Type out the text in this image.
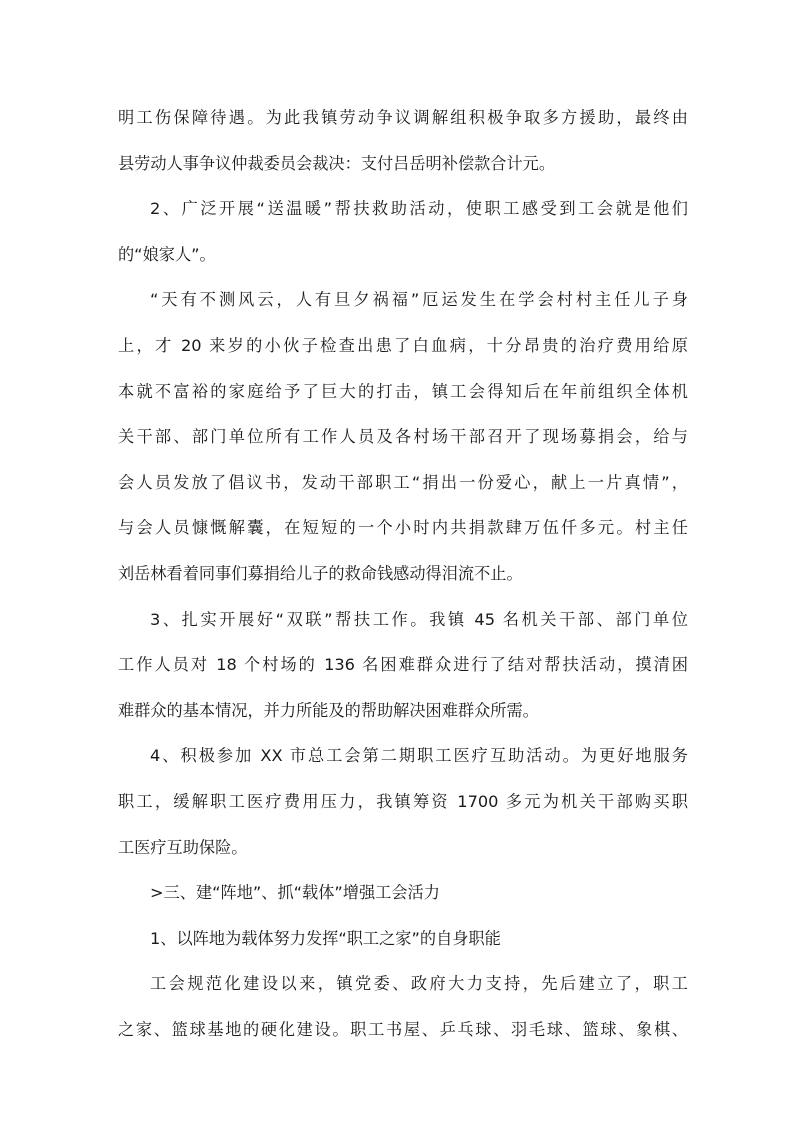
明工伤保障待遇。为此我镇劳动争议调解组积极争取多方援助，最终由
县劳动人事争议仲裁委员会裁决：支付吕岳明补偿款合计元。
2、广泛开展“送温暖”帮扶救助活动，使职工感受到工会就是他们
的“娘家人”。
“天有不测风云，人有旦夕祸福”厄运发生在学会村村主任儿子身
上，才 20 来岁的小伙子检查出患了白血病，十分昂贵的治疗费用给原
本就不富裕的家庭给予了巨大的打击，镇工会得知后在年前组织全体机
关干部、部门单位所有工作人员及各村场干部召开了现场募捐会，给与
会人员发放了倡议书，发动干部职工“捐出一份爱心，献上一片真情”，
与会人员慷慨解囊，在短短的一个小时内共捐款肆万伍仟多元。村主任
刘岳林看着同事们募捐给儿子的救命钱感动得泪流不止。
3、扎实开展好“双联”帮扶工作。我镇 45 名机关干部、部门单位
工作人员对 18 个村场的 136 名困难群众进行了结对帮扶活动，摸清困
难群众的基本情况，并力所能及的帮助解决困难群众所需。
4、积极参加 XX 市总工会第二期职工医疗互助活动。为更好地服务
职工，缓解职工医疗费用压力，我镇筹资 1700 多元为机关干部购买职
工医疗互助保险。
>三、建“阵地”、抓“载体”增强工会活力
1、以阵地为载体努力发挥“职工之家”的自身职能
工会规范化建设以来，镇党委、政府大力支持，先后建立了，职工
之家、篮球基地的硬化建设。职工书屋、乒乓球、羽毛球、篮球、象棋、
